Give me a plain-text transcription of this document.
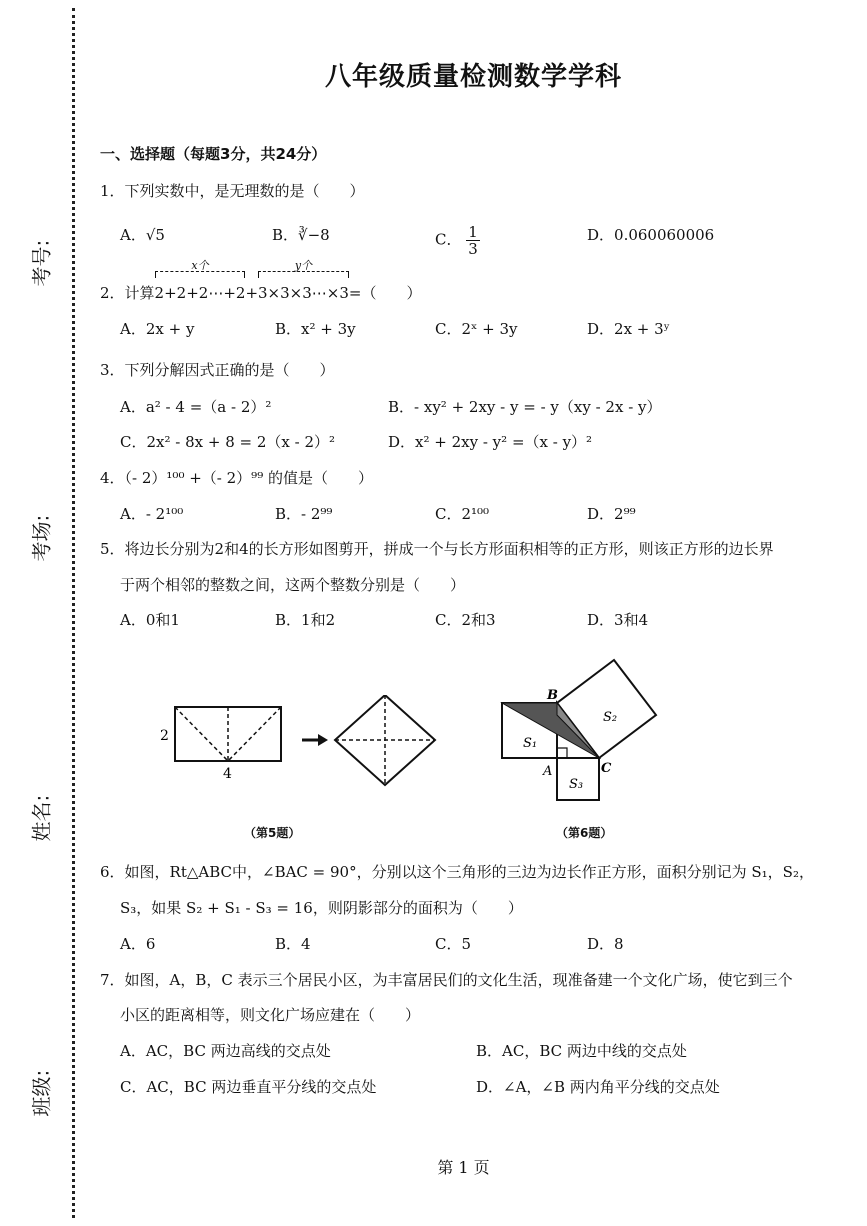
考号:
考场:
姓名:
班级:
八年级质量检测数学学科
一、选择题（每题3分，共24分）
1．下列实数中，是无理数的是（　　）
A．√5	B．∛−8	C． $\frac{1}{3}$	D．0.060060006
2．计算
x个
2+2+2⋯+2+
y个
3×3×3⋯×3=（　　）
A．2x + y	B．x² + 3y	C．2ˣ + 3y	D．2x + 3ʸ
3．下列分解因式正确的是（　　）
A．a² - 4 =（a - 2）²	B．- xy² + 2xy - y = - y（xy - 2x - y）
C．2x² - 8x + 8 = 2（x - 2）²	D．x² + 2xy - y² =（x - y）²
4．（- 2）¹⁰⁰ +（- 2）⁹⁹ 的值是（　　）
A．- 2¹⁰⁰	B．- 2⁹⁹	C．2¹⁰⁰	D．2⁹⁹
5．将边长分别为2和4的长方形如图剪开，拼成一个与长方形面积相等的正方形，则该正方形的边长界
于两个相邻的整数之间，这两个整数分别是（　　）
A．0和1	B．1和2	C．2和3	D．3和4
2
4
（第5题）
B
A	C
S₁
S₂
S₃
（第6题）
6．如图，Rt△ABC中，∠BAC = 90°，分别以这个三角形的三边为边长作正方形，面积分别记为 S₁，S₂，
S₃，如果 S₂ + S₁ - S₃ = 16，则阴影部分的面积为（　　）
A．6	B．4	C．5	D．8
7．如图，A，B，C 表示三个居民小区，为丰富居民们的文化生活，现准备建一个文化广场，使它到三个
小区的距离相等，则文化广场应建在（　　）
A．AC，BC 两边高线的交点处	B．AC，BC 两边中线的交点处
C．AC，BC 两边垂直平分线的交点处	D．∠A，∠B 两内角平分线的交点处
第 1 页
